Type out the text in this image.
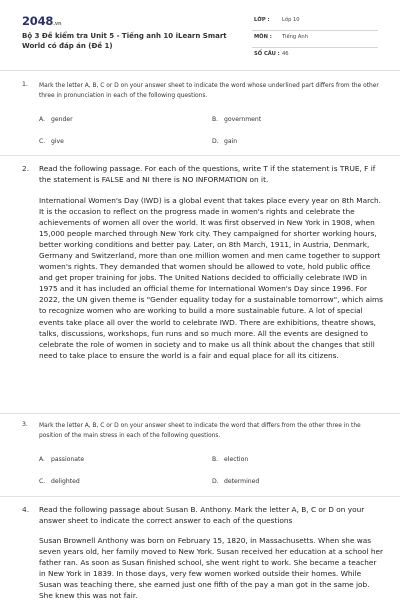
2048.vn
Bộ 3 Đề kiểm tra Unit 5 - Tiếng anh 10 iLearn Smart World có đáp án (Đề 1)
LỚP : Lớp 10
MÔN : Tiếng Anh
SỐ CÂU : 46
1. Mark the letter A, B, C or D on your answer sheet to indicate the word whose underlined part differs from the other three in pronunciation in each of the following questions.
A. gender	B. government
C. give	D. gain
2. Read the following passage. For each of the questions, write T if the statement is TRUE, F if the statement is FALSE and NI there is NO INFORMATION on it.

International Women's Day (IWD) is a global event that takes place every year on 8th March. It is the occasion to reflect on the progress made in women's rights and celebrate the achievements of women all over the world. It was first observed in New York in 1908, when 15,000 people marched through New York city. They campaigned for shorter working hours, better working conditions and better pay. Later, on 8th March, 1911, in Austria, Denmark, Germany and Switzerland, more than one million women and men came together to support women's rights. They demanded that women should be allowed to vote, hold public office and get proper training for jobs. The United Nations decided to officially celebrate IWD in 1975 and it has included an official theme for International Women's Day since 1996. For 2022, the UN given theme is "Gender equality today for a sustainable tomorrow", which aims to recognize women who are working to build a more sustainable future. A lot of special events take place all over the world to celebrate IWD. There are exhibitions, theatre shows, talks, discussions, workshops, fun runs and so much more. All the events are designed to celebrate the role of women in society and to make us all think about the changes that still need to take place to ensure the world is a fair and equal place for all its citizens.

3. Mark the letter A, B, C or D on your answer sheet to indicate the word that differs from the other three in the position of the main stress in each of the following questions.
A. passionate	B. election
C. delighted	D. determined
4. Read the following passage about Susan B. Anthony. Mark the letter A, B, C or D on your answer sheet to indicate the correct answer to each of the questions

Susan Brownell Anthony was born on February 15, 1820, in Massachusetts. When she was seven years old, her family moved to New York. Susan received her education at a school her father ran. As soon as Susan finished school, she went right to work. She became a teacher in New York in 1839. In those days, very few women worked outside their homes. While Susan was teaching there, she earned just one fifth of the pay a man got in the same job. She knew this was not fair.
